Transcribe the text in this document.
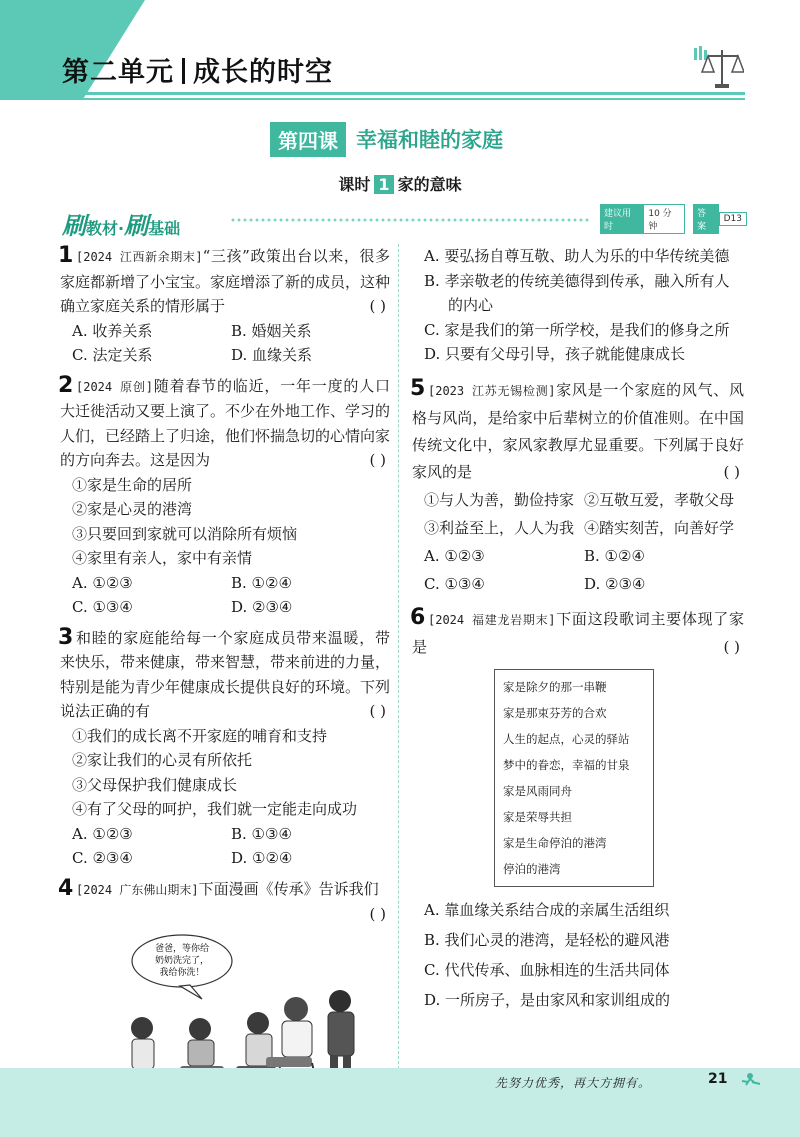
第二单元 成长的时空
第四课 幸福和睦的家庭
课时 1 家的意味
刷教材·刷基础
建议用时
10 分钟
答案
D13
1 [2024 江西新余期末]“三孩”政策出台以来，很多家庭都新增了小宝宝。家庭增添了新的成员，这种确立家庭关系的情形属于	( )
A. 收养关系	B. 婚姻关系
C. 法定关系	D. 血缘关系
2 [2024 原创]随着春节的临近，一年一度的人口大迁徙活动又要上演了。不少在外地工作、学习的人们，已经踏上了归途，他们怀揣急切的心情向家的方向奔去。这是因为	( )
①家是生命的居所
②家是心灵的港湾
③只要回到家就可以消除所有烦恼
④家里有亲人，家中有亲情
A. ①②③	B. ①②④
C. ①③④	D. ②③④
3 和睦的家庭能给每一个家庭成员带来温暖，带来快乐，带来健康，带来智慧，带来前进的力量，特别是能为青少年健康成长提供良好的环境。下列说法正确的有	( )
①我们的成长离不开家庭的哺育和支持
②家让我们的心灵有所依托
③父母保护我们健康成长
④有了父母的呵护，我们就一定能走向成功
A. ①②③	B. ①③④
C. ②③④	D. ①②④
4 [2024 广东佛山期末]下面漫画《传承》告诉我们
( )
爸爸，等你给
奶奶洗完了，
我给你洗！
A. 要弘扬自尊互敬、助人为乐的中华传统美德
B. 孝亲敬老的传统美德得到传承，融入所有人
的内心
C. 家是我们的第一所学校，是我们的修身之所
D. 只要有父母引导，孩子就能健康成长
5 [2023 江苏无锡检测]家风是一个家庭的风气、风格与风尚，是给家中后辈树立的价值准则。在中国传统文化中，家风家教厚尤显重要。下列属于良好家风的是	( )
①与人为善，勤俭持家 ②互敬互爱，孝敬父母
③利益至上，人人为我 ④踏实刻苦，向善好学
A. ①②③	B. ①②④
C. ①③④	D. ②③④
6 [2024 福建龙岩期末]下面这段歌词主要体现了家是	( )
家是除夕的那一串鞭
家是那束芬芳的合欢
人生的起点，心灵的驿站
梦中的眷恋，幸福的甘泉
家是风雨同舟
家是荣辱共担
家是生命停泊的港湾
停泊的港湾
A. 靠血缘关系结合成的亲属生活组织
B. 我们心灵的港湾，是轻松的避风港
C. 代代传承、血脉相连的生活共同体
D. 一所房子，是由家风和家训组成的
先努力优秀，再大方拥有。	21
